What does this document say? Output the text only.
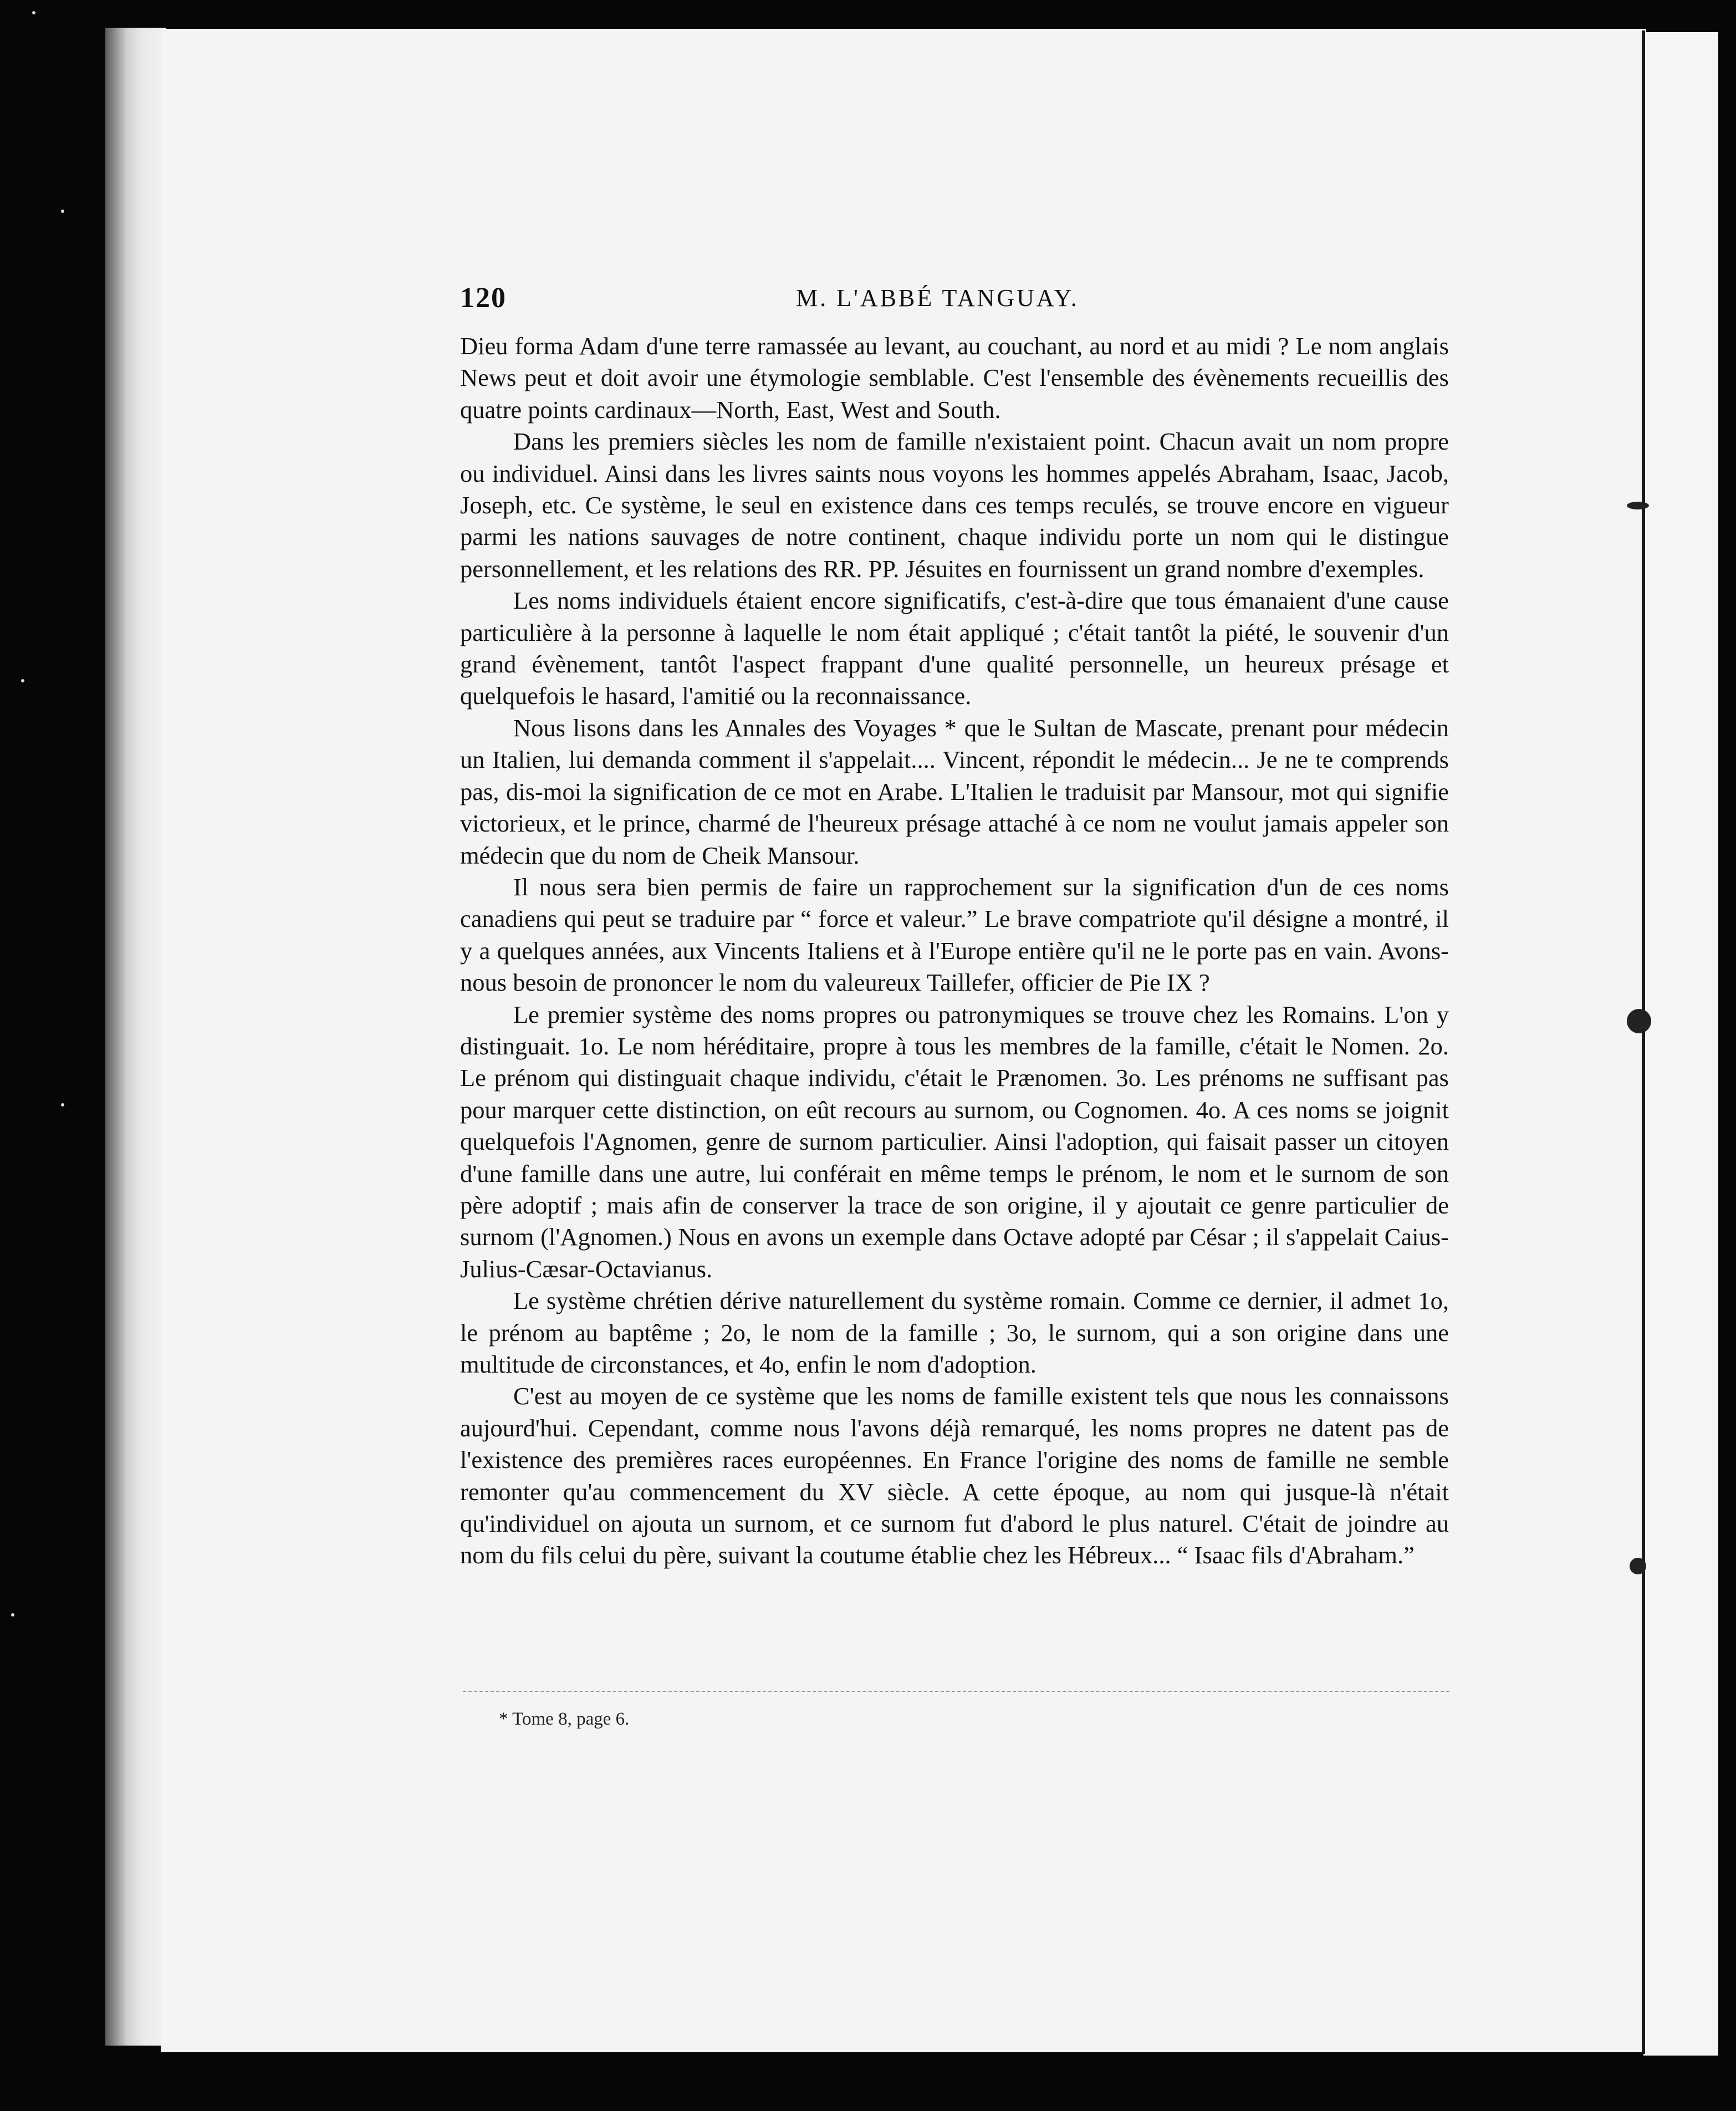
120	M. L'ABBÉ TANGUAY.

Dieu forma Adam d'une terre ramassée au levant, au couchant, au nord et au midi ? Le nom anglais News peut et doit avoir une étymologie semblable. C'est l'ensemble des évènements recueillis des quatre points cardinaux—North, East, West and South.

Dans les premiers siècles les nom de famille n'existaient point. Chacun avait un nom propre ou individuel. Ainsi dans les livres saints nous voyons les hommes appelés Abraham, Isaac, Jacob, Joseph, etc. Ce système, le seul en existence dans ces temps reculés, se trouve encore en vigueur parmi les nations sauvages de notre continent, chaque individu porte un nom qui le distingue personnellement, et les relations des RR. PP. Jésuites en fournissent un grand nombre d'exemples.

Les noms individuels étaient encore significatifs, c'est-à-dire que tous émanaient d'une cause particulière à la personne à laquelle le nom était appliqué ; c'était tantôt la piété, le souvenir d'un grand évènement, tantôt l'aspect frappant d'une qualité personnelle, un heureux présage et quelquefois le hasard, l'amitié ou la reconnaissance.

Nous lisons dans les Annales des Voyages * que le Sultan de Mascate, prenant pour médecin un Italien, lui demanda comment il s'appelait.... Vincent, répondit le médecin... Je ne te comprends pas, dis-moi la signification de ce mot en Arabe. L'Italien le traduisit par Mansour, mot qui signifie victorieux, et le prince, charmé de l'heureux présage attaché à ce nom ne voulut jamais appeler son médecin que du nom de Cheik Mansour.

Il nous sera bien permis de faire un rapprochement sur la signification d'un de ces noms canadiens qui peut se traduire par “ force et valeur.” Le brave compatriote qu'il désigne a montré, il y a quelques années, aux Vincents Italiens et à l'Europe entière qu'il ne le porte pas en vain. Avons-nous besoin de prononcer le nom du valeureux Taillefer, officier de Pie IX ?

Le premier système des noms propres ou patronymiques se trouve chez les Romains. L'on y distinguait. 1o. Le nom héréditaire, propre à tous les membres de la famille, c'était le Nomen. 2o. Le prénom qui distinguait chaque individu, c'était le Prænomen. 3o. Les prénoms ne suffisant pas pour marquer cette distinction, on eût recours au surnom, ou Cognomen. 4o. A ces noms se joignit quelquefois l'Agnomen, genre de surnom particulier. Ainsi l'adoption, qui faisait passer un citoyen d'une famille dans une autre, lui conférait en même temps le prénom, le nom et le surnom de son père adoptif ; mais afin de conserver la trace de son origine, il y ajoutait ce genre particulier de surnom (l'Agnomen.) Nous en avons un exemple dans Octave adopté par César ; il s'appelait Caius-Julius-Cæsar-Octavianus.

Le système chrétien dérive naturellement du système romain. Comme ce dernier, il admet 1o, le prénom au baptême ; 2o, le nom de la famille ; 3o, le surnom, qui a son origine dans une multitude de circonstances, et 4o, enfin le nom d'adoption.

C'est au moyen de ce système que les noms de famille existent tels que nous les connaissons aujourd'hui. Cependant, comme nous l'avons déjà remarqué, les noms propres ne datent pas de l'existence des premières races européennes. En France l'origine des noms de famille ne semble remonter qu'au commencement du XV siècle. A cette époque, au nom qui jusque-là n'était qu'individuel on ajouta un surnom, et ce surnom fut d'abord le plus naturel. C'était de joindre au nom du fils celui du père, suivant la coutume établie chez les Hébreux... “ Isaac fils d'Abraham.”

* Tome 8, page 6.
